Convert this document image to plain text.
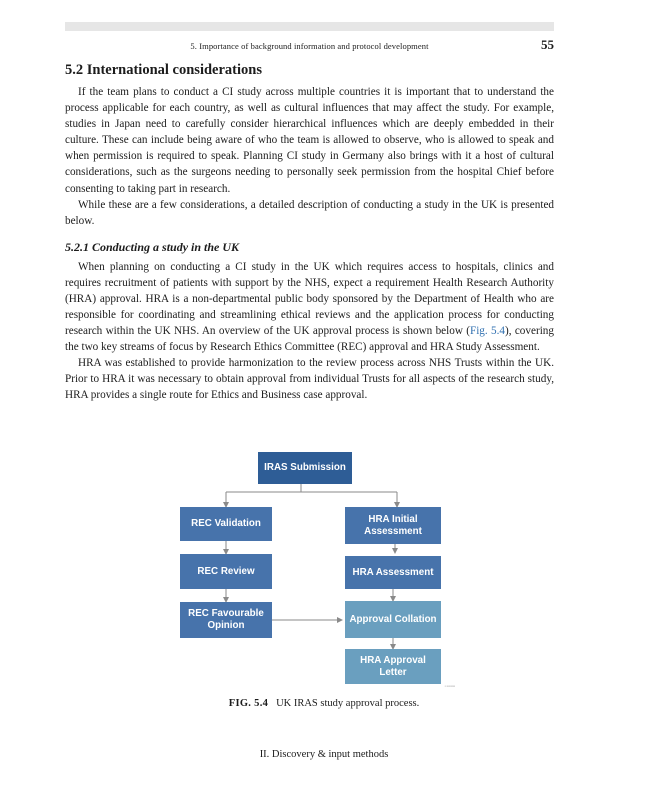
5. Importance of background information and protocol development	55
5.2 International considerations

If the team plans to conduct a CI study across multiple countries it is important that to understand the process applicable for each country, as well as cultural influences that may affect the study. For example, studies in Japan need to carefully consider hierarchical influences which are deeply embedded in their culture. These can include being aware of who the team is allowed to observe, who is allowed to speak and when permission is required to speak. Planning CI study in Germany also brings with it a host of cultural considerations, such as the surgeons needing to personally seek permission from the hospital Chief before consenting to taking part in research.

While these are a few considerations, a detailed description of conducting a study in the UK is presented below.

5.2.1 Conducting a study in the UK

When planning on conducting a CI study in the UK which requires access to hospitals, clinics and requires recruitment of patients with support by the NHS, expect a requirement Health Research Authority (HRA) approval. HRA is a non-departmental public body sponsored by the Department of Health who are responsible for coordinating and streamlining ethical reviews and the application process for conducting research within the UK NHS. An overview of the UK approval process is shown below (Fig. 5.4), covering the two key streams of focus by Research Ethics Committee (REC) approval and HRA Study Assessment.

HRA was established to provide harmonization to the review process across NHS Trusts within the UK. Prior to HRA it was necessary to obtain approval from individual Trusts for all aspects of the research study, HRA provides a single route for Ethics and Business case approval.

IRAS Submission
REC Validation	HRA Initial Assessment
REC Review	HRA Assessment
REC Favourable Opinion
Approval Collation
HRA Approval Letter
▪ ▪▪▪▪▪▪▪▪
FIG. 5.4 UK IRAS study approval process.
II. Discovery & input methods
